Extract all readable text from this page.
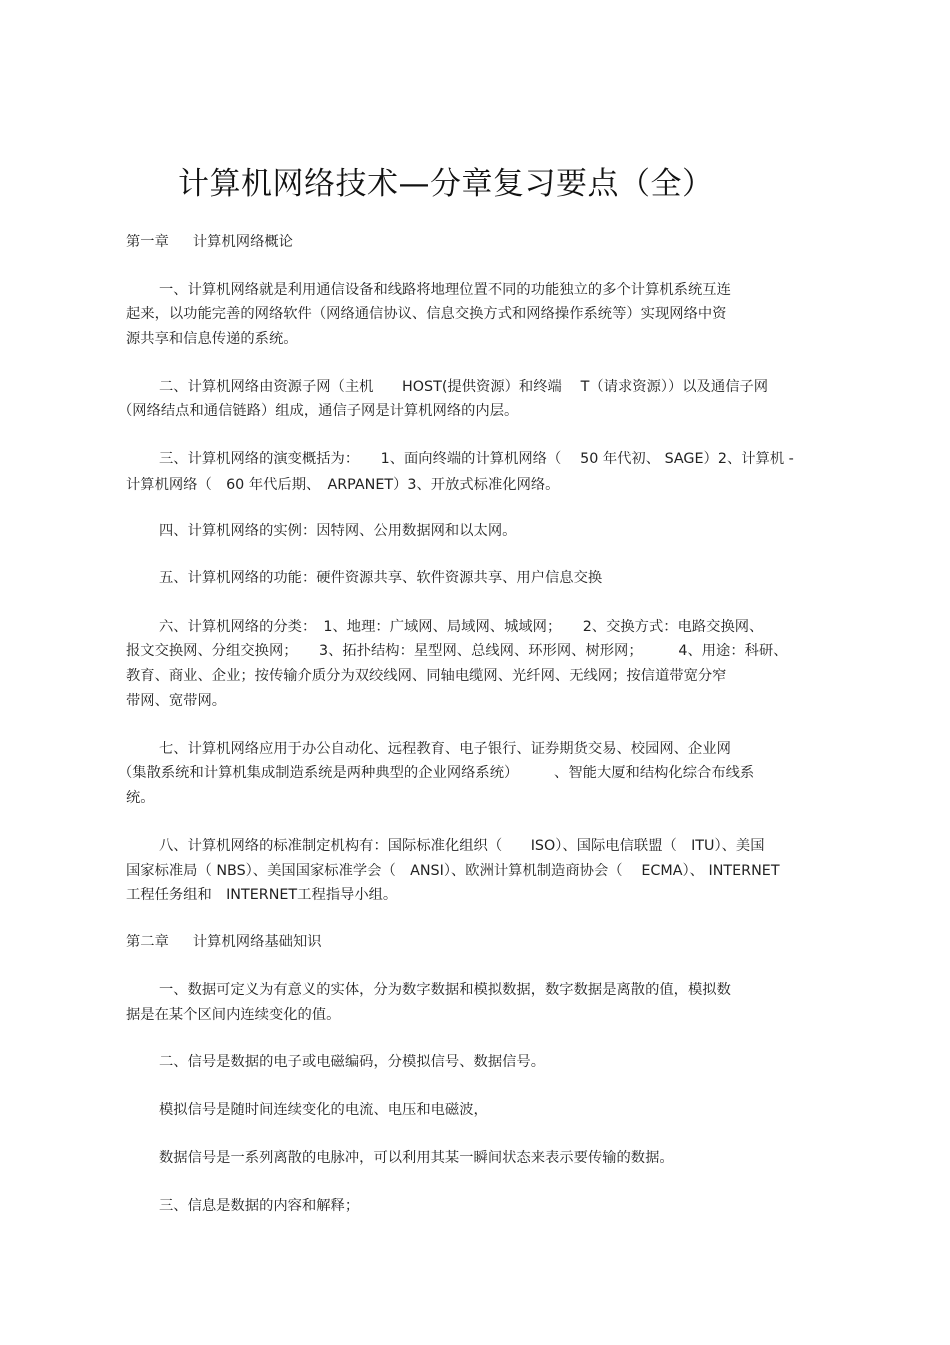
计算机网络技术—分章复习要点（全）
第一章 计算机网络概论
一、计算机网络就是利用通信设备和线路将地理位置不同的功能独立的多个计算机系统互连
起来，以功能完善的网络软件（网络通信协议、信息交换方式和网络操作系统等）实现网络中资
源共享和信息传递的系统。
二、计算机网络由资源子网（主机　　HOST(提供资源）和终端　 T（请求资源））以及通信子网
（网络结点和通信链路）组成，通信子网是计算机网络的内层。
三、计算机网络的演变概括为：　　1、面向终端的计算机网络（　 50 年代初、 SAGE）2、计算机 -
计算机网络（　60 年代后期、　ARPANET）3、开放式标准化网络。
四、计算机网络的实例：因特网、公用数据网和以太网。
五、计算机网络的功能：硬件资源共享、软件资源共享、用户信息交换
六、计算机网络的分类：　1、地理：广域网、局域网、城域网；　　2、交换方式：电路交换网、
报文交换网、分组交换网；　　3、拓扑结构：星型网、总线网、环形网、树形网；　　　4、用途：科研、
教育、商业、企业；按传输介质分为双绞线网、同轴电缆网、光纤网、无线网；按信道带宽分窄
带网、宽带网。
七、计算机网络应用于办公自动化、远程教育、电子银行、证券期货交易、校园网、企业网
（集散系统和计算机集成制造系统是两种典型的企业网络系统）　　　、智能大厦和结构化综合布线系
统。
八、计算机网络的标准制定机构有：国际标准化组织（　　ISO）、国际电信联盟（　ITU）、美国
国家标准局（ NBS）、美国国家标准学会（　ANSI）、欧洲计算机制造商协会（　 ECMA）、 INTERNET
工程任务组和　INTERNET工程指导小组。
第二章 计算机网络基础知识
一、数据可定义为有意义的实体，分为数字数据和模拟数据，数字数据是离散的值，模拟数
据是在某个区间内连续变化的值。
二、信号是数据的电子或电磁编码，分模拟信号、数据信号。
模拟信号是随时间连续变化的电流、电压和电磁波，
数据信号是一系列离散的电脉冲，可以利用其某一瞬间状态来表示要传输的数据。
三、信息是数据的内容和解释；
